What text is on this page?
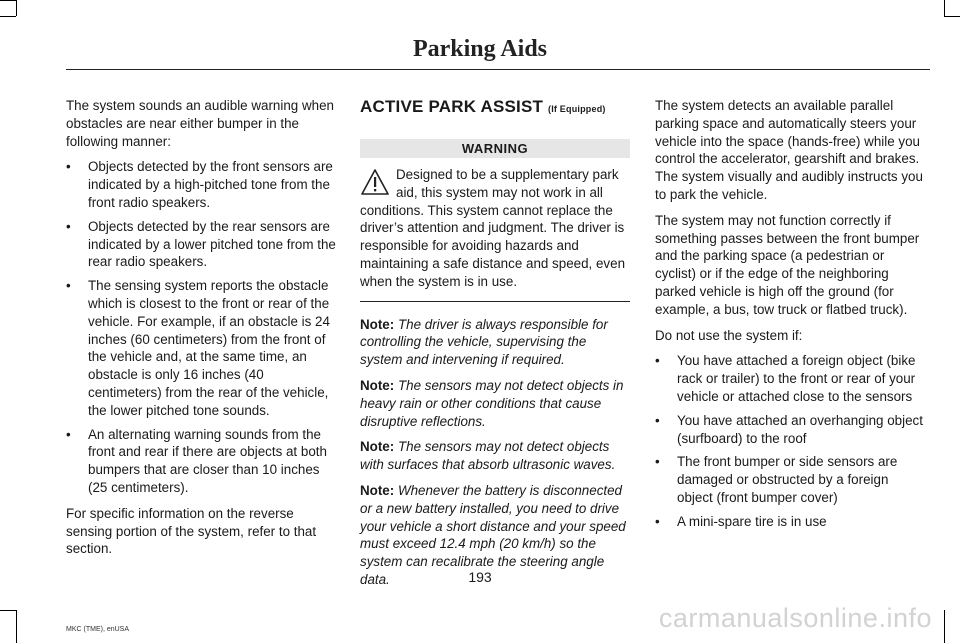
Parking Aids

The system sounds an audible warning when obstacles are near either bumper in the following manner:

• Objects detected by the front sensors are indicated by a high-pitched tone from the front radio speakers.
• Objects detected by the rear sensors are indicated by a lower pitched tone from the rear radio speakers.
• The sensing system reports the obstacle which is closest to the front or rear of the vehicle. For example, if an obstacle is 24 inches (60 centimeters) from the front of the vehicle and, at the same time, an obstacle is only 16 inches (40 centimeters) from the rear of the vehicle, the lower pitched tone sounds.
• An alternating warning sounds from the front and rear if there are objects at both bumpers that are closer than 10 inches (25 centimeters).

For specific information on the reverse sensing portion of the system, refer to that section.

ACTIVE PARK ASSIST (If Equipped)
WARNING

Designed to be a supplementary park aid, this system may not work in all conditions. This system cannot replace the driver’s attention and judgment. The driver is responsible for avoiding hazards and maintaining a safe distance and speed, even when the system is in use.

Note: The driver is always responsible for controlling the vehicle, supervising the system and intervening if required.

Note: The sensors may not detect objects in heavy rain or other conditions that cause disruptive reflections.

Note: The sensors may not detect objects with surfaces that absorb ultrasonic waves.

Note: Whenever the battery is disconnected or a new battery installed, you need to drive your vehicle a short distance and your speed must exceed 12.4 mph (20 km/h) so the system can recalibrate the steering angle data.

The system detects an available parallel parking space and automatically steers your vehicle into the space (hands-free) while you control the accelerator, gearshift and brakes. The system visually and audibly instructs you to park the vehicle.

The system may not function correctly if something passes between the front bumper and the parking space (a pedestrian or cyclist) or if the edge of the neighboring parked vehicle is high off the ground (for example, a bus, tow truck or flatbed truck).

Do not use the system if:

• You have attached a foreign object (bike rack or trailer) to the front or rear of your vehicle or attached close to the sensors
• You have attached an overhanging object (surfboard) to the roof
• The front bumper or side sensors are damaged or obstructed by a foreign object (front bumper cover)
• A mini-spare tire is in use
193
MKC (TME), enUSA	carmanualsonline.info
